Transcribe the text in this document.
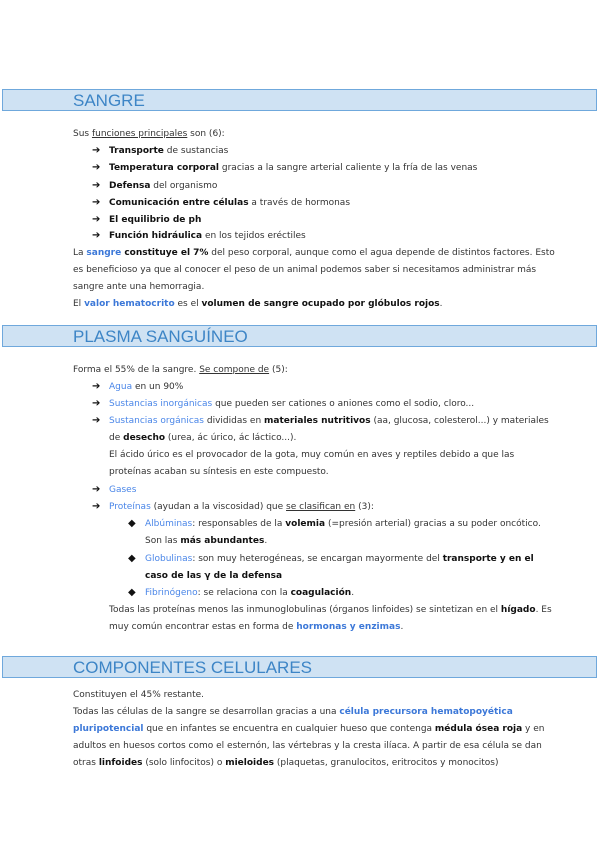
SANGRE
Sus funciones principales son (6):
➔ Transporte de sustancias
➔ Temperatura corporal gracias a la sangre arterial caliente y la fría de las venas
➔ Defensa del organismo
➔ Comunicación entre células a través de hormonas
➔ El equilibrio de ph
➔ Función hidráulica en los tejidos eréctiles
La sangre constituye el 7% del peso corporal, aunque como el agua depende de distintos factores. Esto
es beneficioso ya que al conocer el peso de un animal podemos saber si necesitamos administrar más
sangre ante una hemorragia.
El valor hematocrito es el volumen de sangre ocupado por glóbulos rojos.
PLASMA SANGUÍNEO
Forma el 55% de la sangre. Se compone de (5):
➔ Agua en un 90%
➔ Sustancias inorgánicas que pueden ser cationes o aniones como el sodio, cloro...
➔ Sustancias orgánicas divididas en materiales nutritivos (aa, glucosa, colesterol...) y materiales
de desecho (urea, ác úrico, ác láctico...).
El ácido úrico es el provocador de la gota, muy común en aves y reptiles debido a que las
proteínas acaban su síntesis en este compuesto.
➔ Gases
➔ Proteínas (ayudan a la viscosidad) que se clasifican en (3):
◆ Albúminas: responsables de la volemia (=presión arterial) gracias a su poder oncótico.
Son las más abundantes.
◆ Globulinas: son muy heterogéneas, se encargan mayormente del transporte y en el
caso de las γ de la defensa
◆ Fibrinógeno: se relaciona con la coagulación.
Todas las proteínas menos las inmunoglobulinas (órganos linfoides) se sintetizan en el hígado. Es
muy común encontrar estas en forma de hormonas y enzimas.
COMPONENTES CELULARES
Constituyen el 45% restante.
Todas las células de la sangre se desarrollan gracias a una célula precursora hematopoyética
pluripotencial que en infantes se encuentra en cualquier hueso que contenga médula ósea roja y en
adultos en huesos cortos como el esternón, las vértebras y la cresta ilíaca. A partir de esa célula se dan
otras linfoides (solo linfocitos) o mieloides (plaquetas, granulocitos, eritrocitos y monocitos)
